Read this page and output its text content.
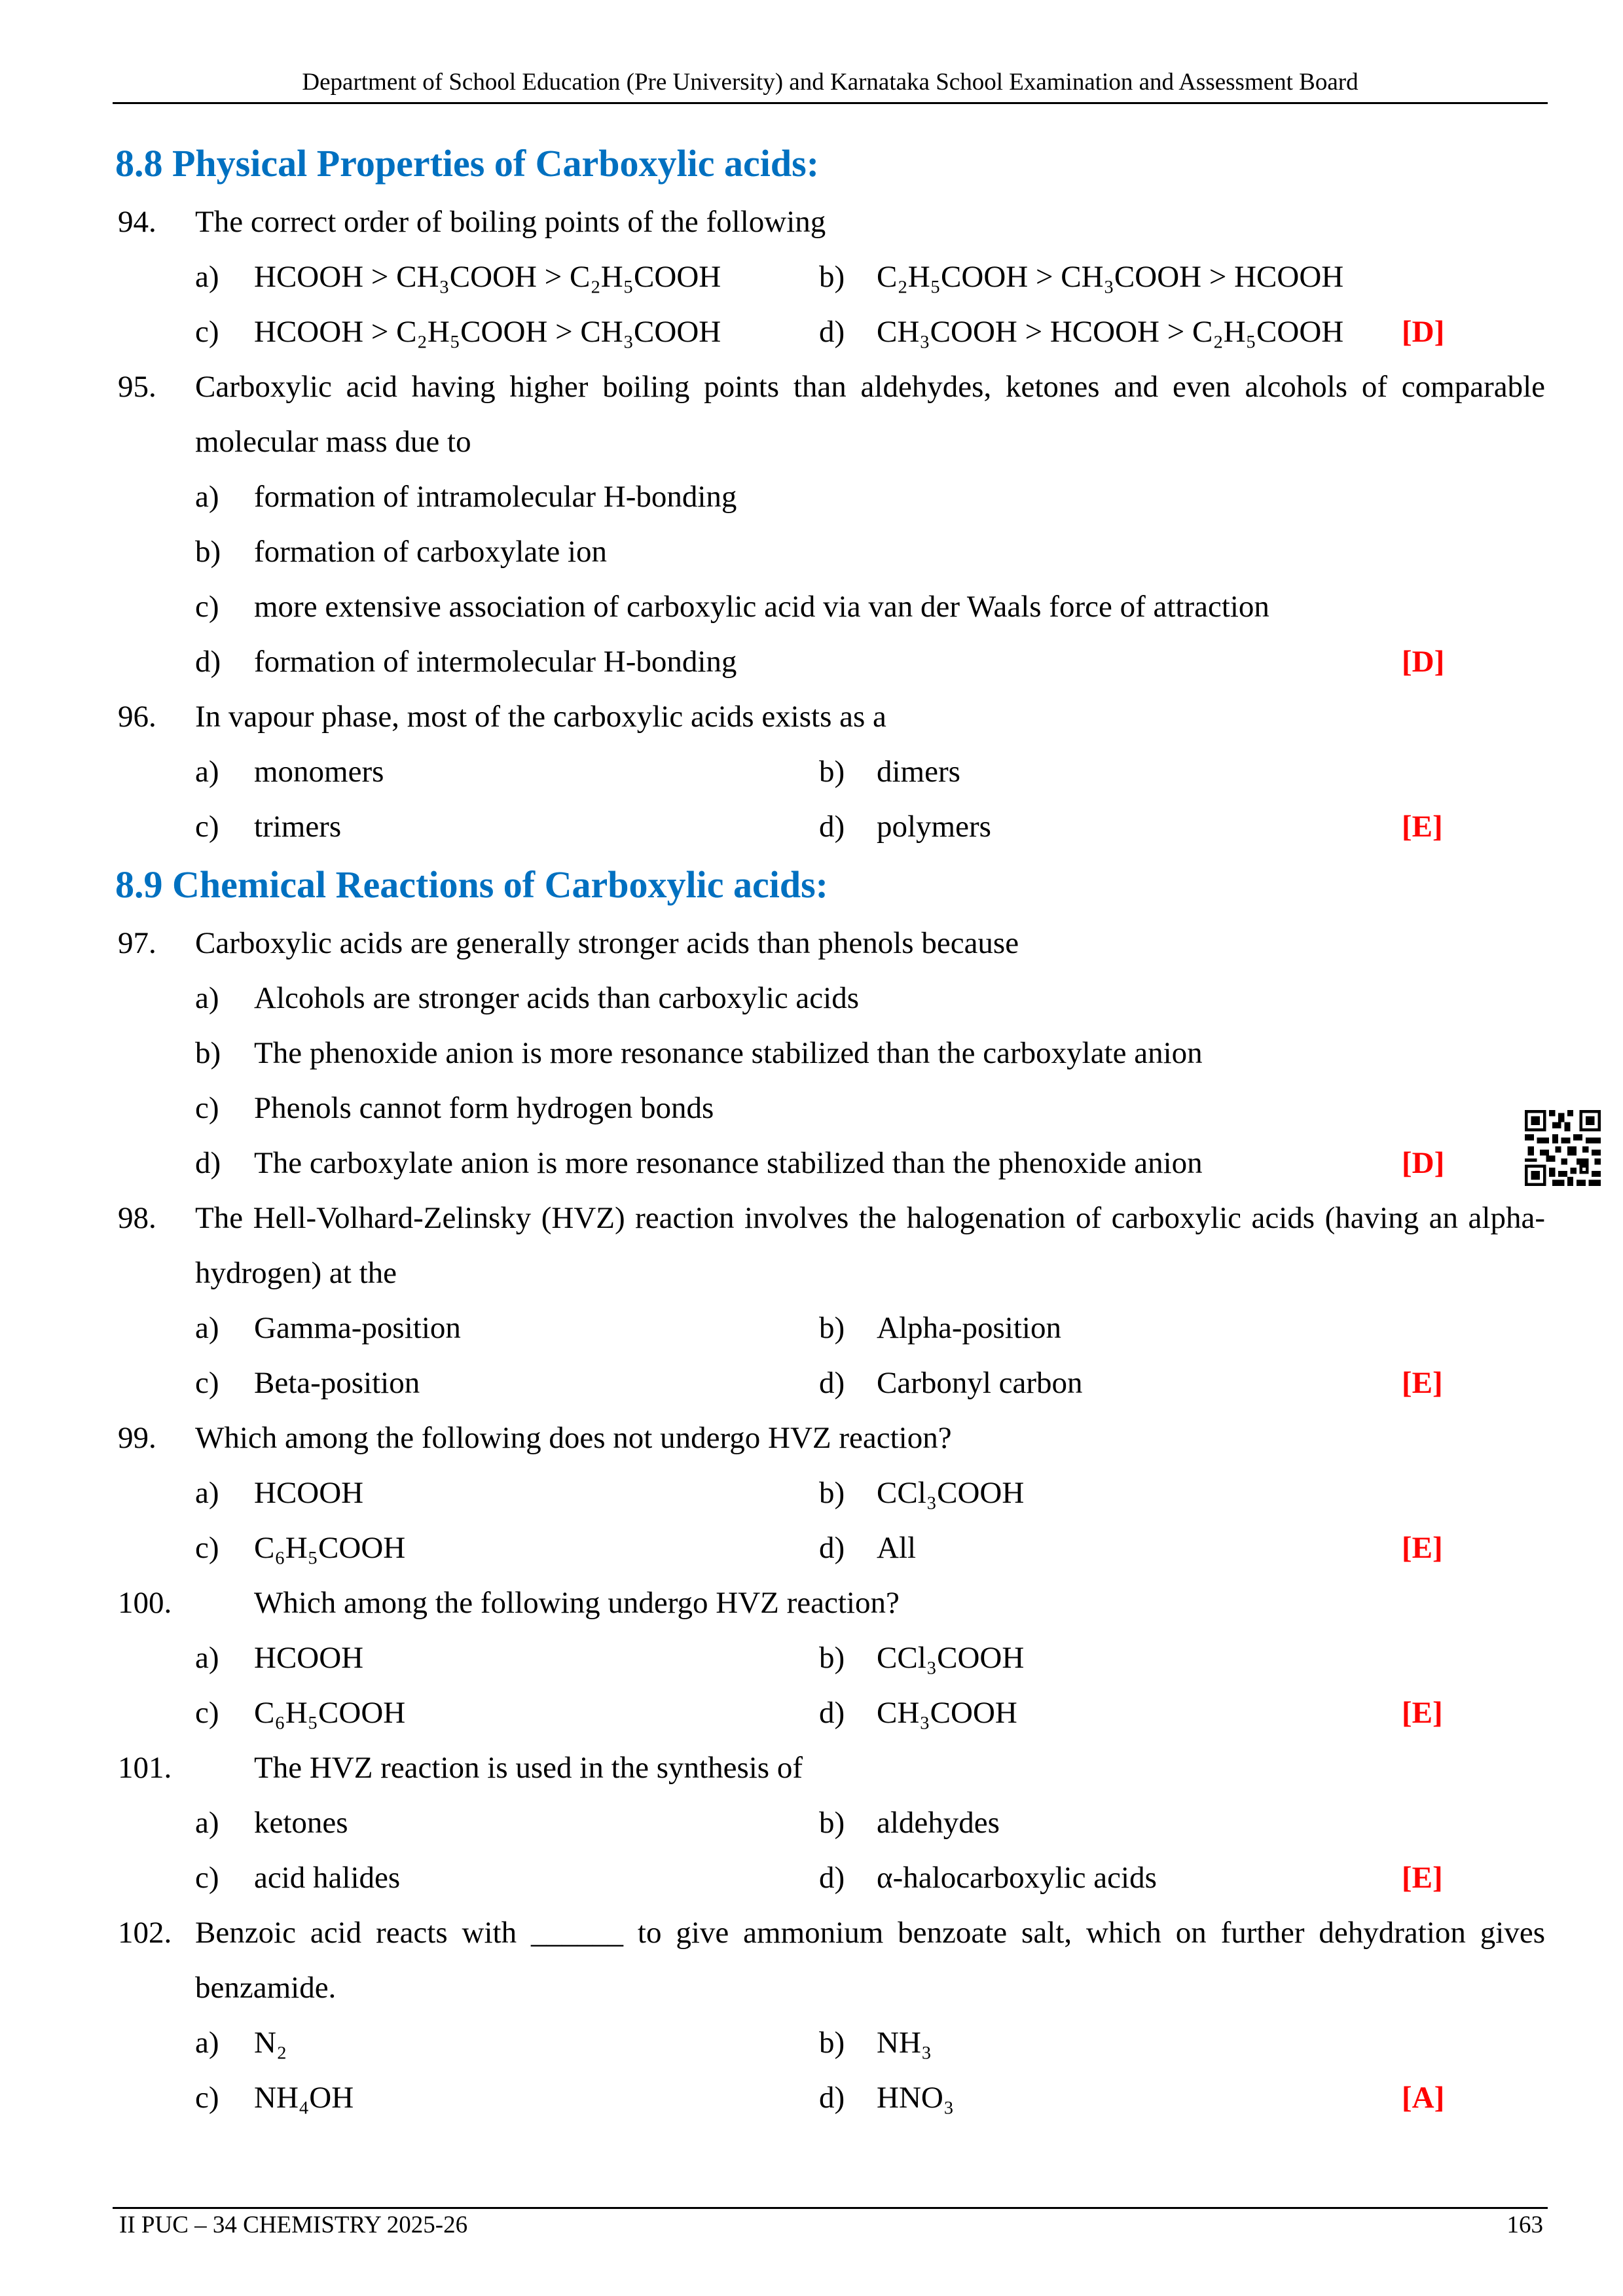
Department of School Education (Pre University) and Karnataka School Examination and Assessment Board
8.8 Physical Properties of Carboxylic acids:
94. The correct order of boiling points of the following
a) HCOOH > CH₃COOH > C₂H₅COOH	b) C₂H₅COOH > CH₃COOH > HCOOH
c) HCOOH > C₂H₅COOH > CH₃COOH	d) CH₃COOH > HCOOH > C₂H₅COOH [D]
95. Carboxylic acid having higher boiling points than aldehydes, ketones and even alcohols of comparable molecular mass due to
a) formation of intramolecular H-bonding
b) formation of carboxylate ion
c) more extensive association of carboxylic acid via van der Waals force of attraction
d) formation of intermolecular H-bonding	[D]
96. In vapour phase, most of the carboxylic acids exists as a
a) monomers	b) dimers
c) trimers	d) polymers	[E]
8.9 Chemical Reactions of Carboxylic acids:
97. Carboxylic acids are generally stronger acids than phenols because
a) Alcohols are stronger acids than carboxylic acids
b) The phenoxide anion is more resonance stabilized than the carboxylate anion
c) Phenols cannot form hydrogen bonds
d) The carboxylate anion is more resonance stabilized than the phenoxide anion	[D]
98. The Hell-Volhard-Zelinsky (HVZ) reaction involves the halogenation of carboxylic acids (having an alpha-hydrogen) at the
a) Gamma-position	b) Alpha-position
c) Beta-position	d) Carbonyl carbon	[E]
99. Which among the following does not undergo HVZ reaction?
a) HCOOH	b) CCl₃COOH
c) C₆H₅COOH	d) All	[E]
100.	Which among the following undergo HVZ reaction?
a) HCOOH	b) CCl₃COOH
c) C₆H₅COOH	d) CH₃COOH	[E]
101.	The HVZ reaction is used in the synthesis of
a) ketones	b) aldehydes
c) acid halides	d) α-halocarboxylic acids	[E]
102. Benzoic acid reacts with ______ to give ammonium benzoate salt, which on further dehydration gives benzamide.
a) N₂	b) NH₃
c) NH₄OH	d) HNO₃	[A]
II PUC – 34 CHEMISTRY 2025-26	163
